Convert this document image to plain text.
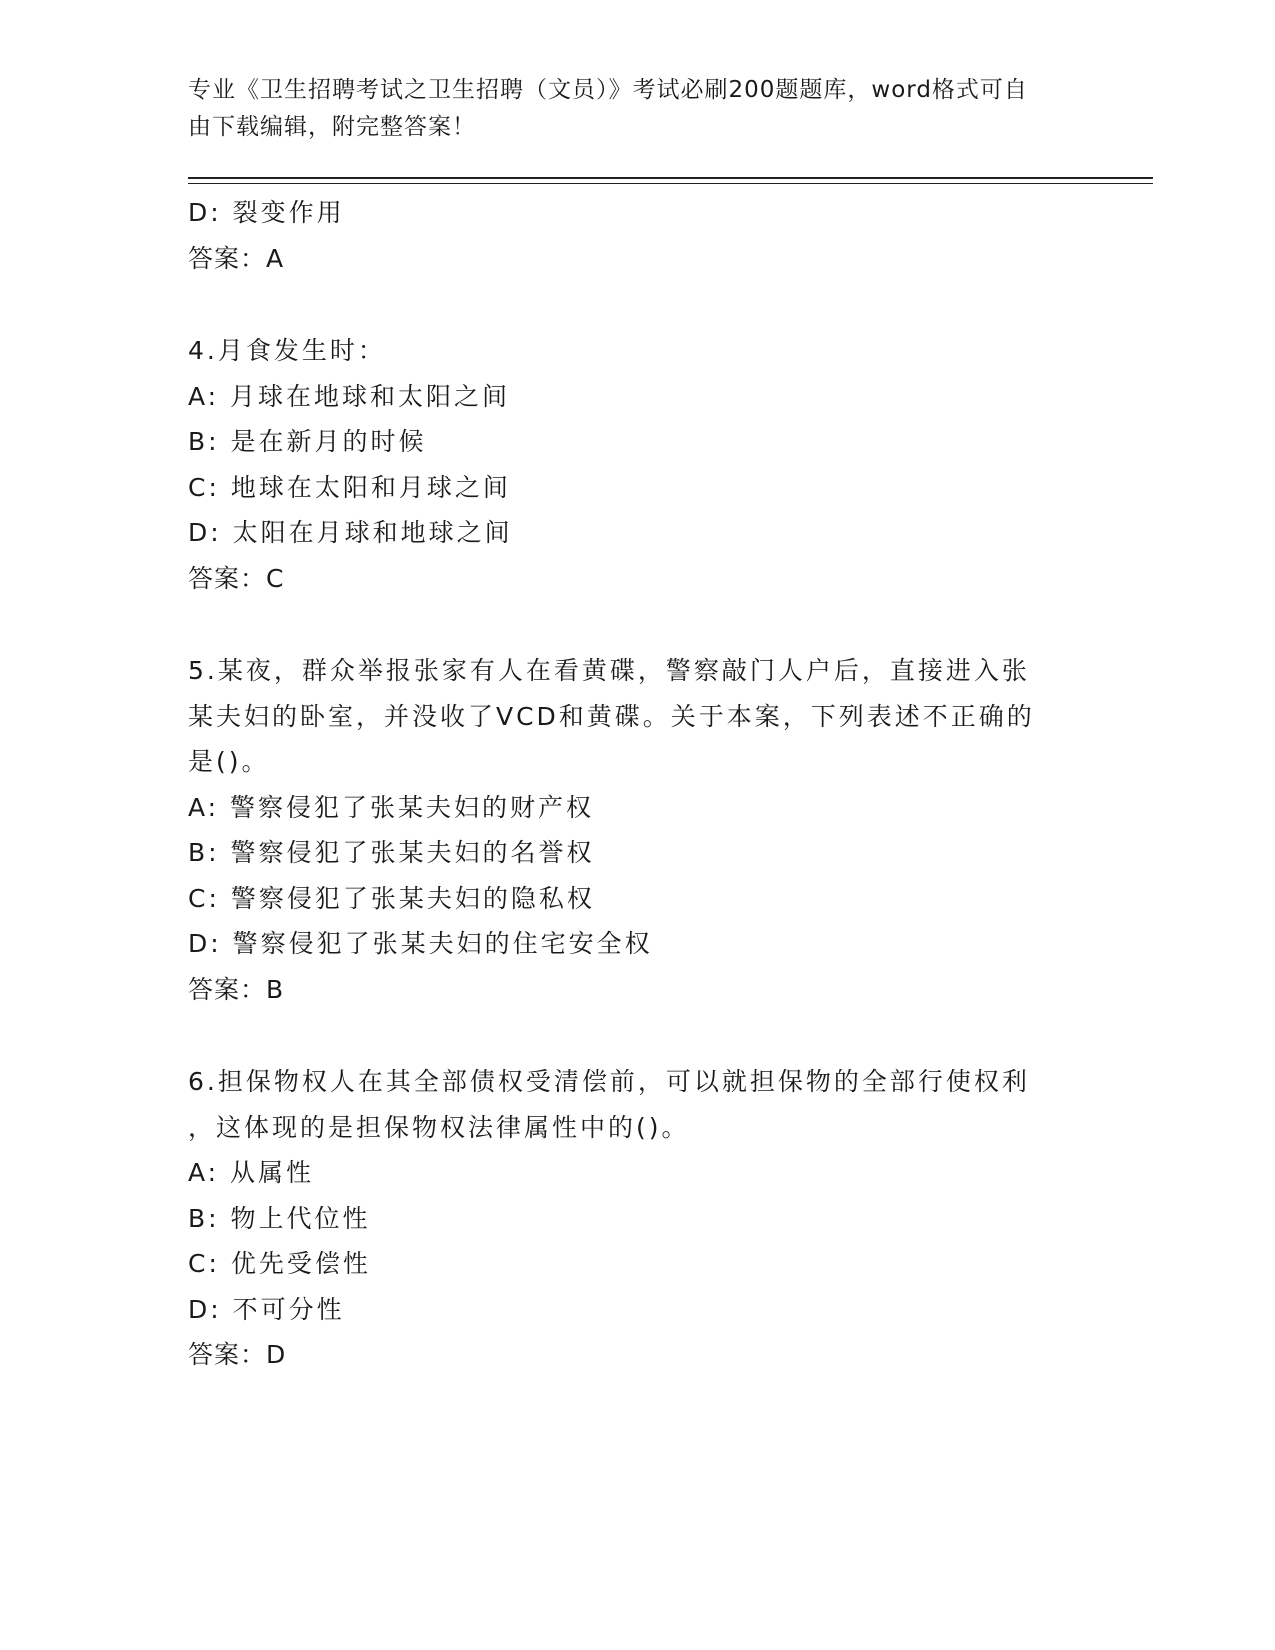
专业《卫生招聘考试之卫生招聘（文员）》考试必刷200题题库，word格式可自
由下载编辑，附完整答案！
D: 裂变作用
答案：A
4.月食发生时：
A: 月球在地球和太阳之间
B: 是在新月的时候
C: 地球在太阳和月球之间
D: 太阳在月球和地球之间
答案：C
5.某夜，群众举报张家有人在看黄碟，警察敲门人户后，直接进入张
某夫妇的卧室，并没收了VCD和黄碟。关于本案，下列表述不正确的
是()。
A: 警察侵犯了张某夫妇的财产权
B: 警察侵犯了张某夫妇的名誉权
C: 警察侵犯了张某夫妇的隐私权
D: 警察侵犯了张某夫妇的住宅安全权
答案：B
6.担保物权人在其全部债权受清偿前，可以就担保物的全部行使权利
，这体现的是担保物权法律属性中的()。
A: 从属性
B: 物上代位性
C: 优先受偿性
D: 不可分性
答案：D
